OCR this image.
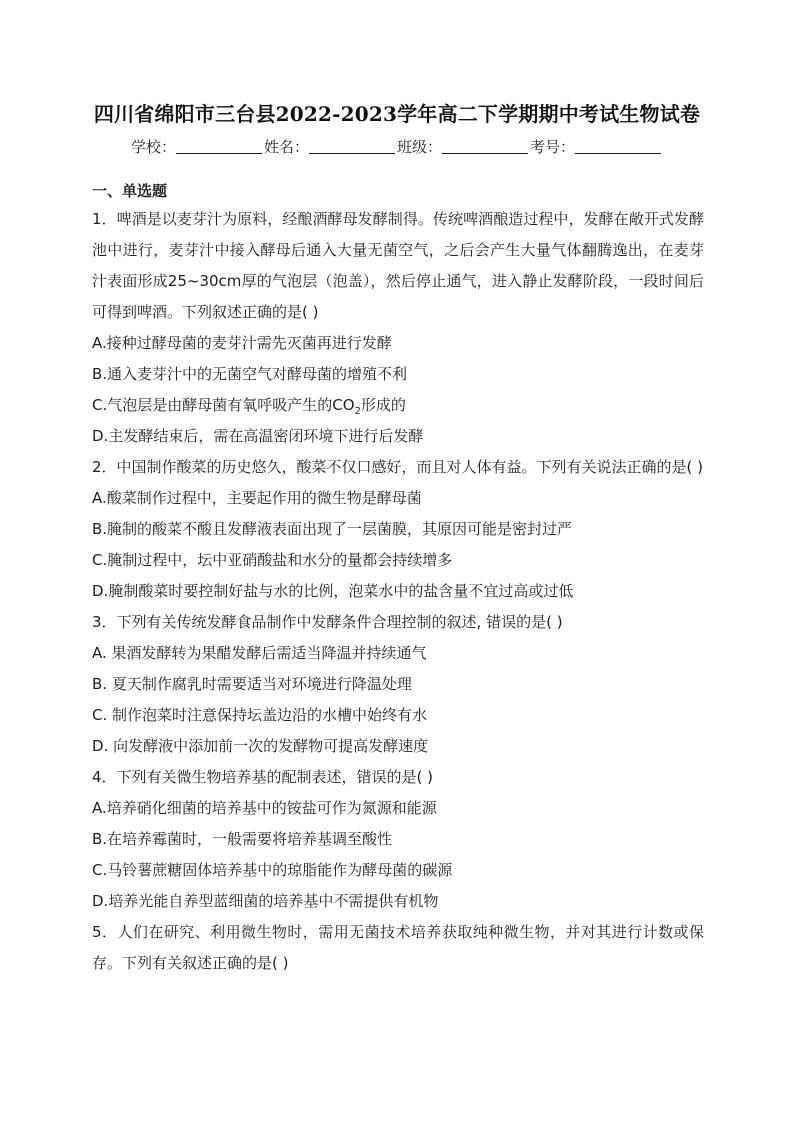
四川省绵阳市三台县2022-2023学年高二下学期期中考试生物试卷
学校：	姓名：	班级：	考号：
一、单选题
1．啤酒是以麦芽汁为原料，经酿酒酵母发酵制得。传统啤酒酿造过程中，发酵在敞开式发酵池中进行，麦芽汁中接入酵母后通入大量无菌空气，之后会产生大量气体翻腾逸出，在麦芽汁表面形成25~30cm厚的气泡层（泡盖），然后停止通气，进入静止发酵阶段，一段时间后可得到啤酒。下列叙述正确的是( )
A.接种过酵母菌的麦芽汁需先灭菌再进行发酵
B.通入麦芽汁中的无菌空气对酵母菌的增殖不利
C.气泡层是由酵母菌有氧呼吸产生的$CO_2$形成的
D.主发酵结束后，需在高温密闭环境下进行后发酵
2．中国制作酸菜的历史悠久，酸菜不仅口感好，而且对人体有益。下列有关说法正确的是( )
A.酸菜制作过程中，主要起作用的微生物是酵母菌
B.腌制的酸菜不酸且发酵液表面出现了一层菌膜，其原因可能是密封过严
C.腌制过程中，坛中亚硝酸盐和水分的量都会持续增多
D.腌制酸菜时要控制好盐与水的比例，泡菜水中的盐含量不宜过高或过低
3．下列有关传统发酵食品制作中发酵条件合理控制的叙述, 错误的是( )
A. 果酒发酵转为果醋发酵后需适当降温并持续通气
B. 夏天制作腐乳时需要适当对环境进行降温处理
C. 制作泡菜时注意保持坛盖边沿的水槽中始终有水
D. 向发酵液中添加前一次的发酵物可提高发酵速度
4．下列有关微生物培养基的配制表述，错误的是( )
A.培养硝化细菌的培养基中的铵盐可作为氮源和能源
B.在培养霉菌时，一般需要将培养基调至酸性
C.马铃薯蔗糖固体培养基中的琼脂能作为酵母菌的碳源
D.培养光能自养型蓝细菌的培养基中不需提供有机物
5．人们在研究、利用微生物时，需用无菌技术培养获取纯种微生物，并对其进行计数或保存。下列有关叙述正确的是( )
